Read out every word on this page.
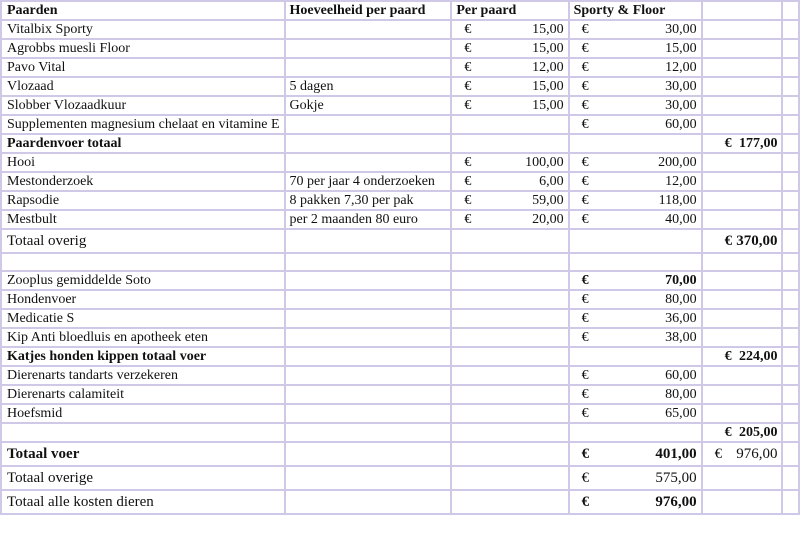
Paarden	Hoeveelheid per paard	Per paard	Sporty & Floor		
Vitalbix Sporty		€ 15,00	€ 30,00		
Agrobbs muesli Floor		€ 15,00	€ 15,00		
Pavo Vital		€ 12,00	€ 12,00		
Vlozaad	5 dagen	€ 15,00	€ 30,00		
Slobber Vlozaadkuur	Gokje	€ 15,00	€ 30,00		
Supplementen magnesium chelaat en vitamine E			€ 60,00		
Paardenvoer totaal				€ 177,00	
Hooi		€ 100,00	€ 200,00		
Mestonderzoek	70 per jaar 4 onderzoeken	€ 6,00	€ 12,00		
Rapsodie	8 pakken 7,30 per pak	€ 59,00	€ 118,00		
Mestbult	per 2 maanden 80 euro	€ 20,00	€ 40,00		
Totaal overig				€ 370,00	

Zooplus gemiddelde Soto			€ 70,00		
Hondenvoer			€ 80,00		
Medicatie S			€ 36,00		
Kip Anti bloedluis en apotheek eten			€ 38,00		
Katjes honden kippen totaal voer				€ 224,00	
Dierenarts tandarts verzekeren			€ 60,00		
Dierenarts calamiteit			€ 80,00		
Hoefsmid			€ 65,00		

				€ 205,00	
Totaal voer			€ 401,00	€ 976,00	
Totaal overige			€ 575,00		
Totaal alle kosten dieren			€ 976,00		
